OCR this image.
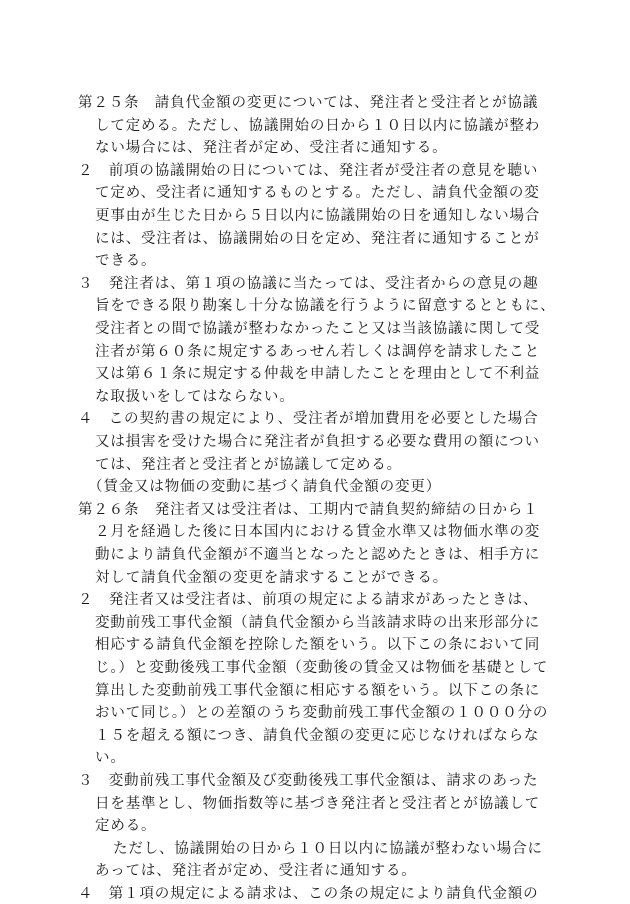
第２５条　請負代金額の変更については、発注者と受注者とが協議
して定める。ただし、協議開始の日から１０日以内に協議が整わ
ない場合には、発注者が定め、受注者に通知する。
２　前項の協議開始の日については、発注者が受注者の意見を聴い
て定め、受注者に通知するものとする。ただし、請負代金額の変
更事由が生じた日から５日以内に協議開始の日を通知しない場合
には、受注者は、協議開始の日を定め、発注者に通知することが
できる。
３　発注者は、第１項の協議に当たっては、受注者からの意見の趣
旨をできる限り勘案し十分な協議を行うように留意するとともに、
受注者との間で協議が整わなかったこと又は当該協議に関して受
注者が第６０条に規定するあっせん若しくは調停を請求したこと
又は第６１条に規定する仲裁を申請したことを理由として不利益
な取扱いをしてはならない。
４　この契約書の規定により、受注者が増加費用を必要とした場合
又は損害を受けた場合に発注者が負担する必要な費用の額につい
ては、発注者と受注者とが協議して定める。
（賃金又は物価の変動に基づく請負代金額の変更）
第２６条　発注者又は受注者は、工期内で請負契約締結の日から１
２月を経過した後に日本国内における賃金水準又は物価水準の変
動により請負代金額が不適当となったと認めたときは、相手方に
対して請負代金額の変更を請求することができる。
２　発注者又は受注者は、前項の規定による請求があったときは、
変動前残工事代金額（請負代金額から当該請求時の出来形部分に
相応する請負代金額を控除した額をいう。以下この条において同
じ。）と変動後残工事代金額（変動後の賃金又は物価を基礎として
算出した変動前残工事代金額に相応する額をいう。以下この条に
おいて同じ。）との差額のうち変動前残工事代金額の１０００分の
１５を超える額につき、請負代金額の変更に応じなければならな
い。
３　変動前残工事代金額及び変動後残工事代金額は、請求のあった
日を基準とし、物価指数等に基づき発注者と受注者とが協議して
定める。
ただし、協議開始の日から１０日以内に協議が整わない場合に
あっては、発注者が定め、受注者に通知する。
４　第１項の規定による請求は、この条の規定により請負代金額の
